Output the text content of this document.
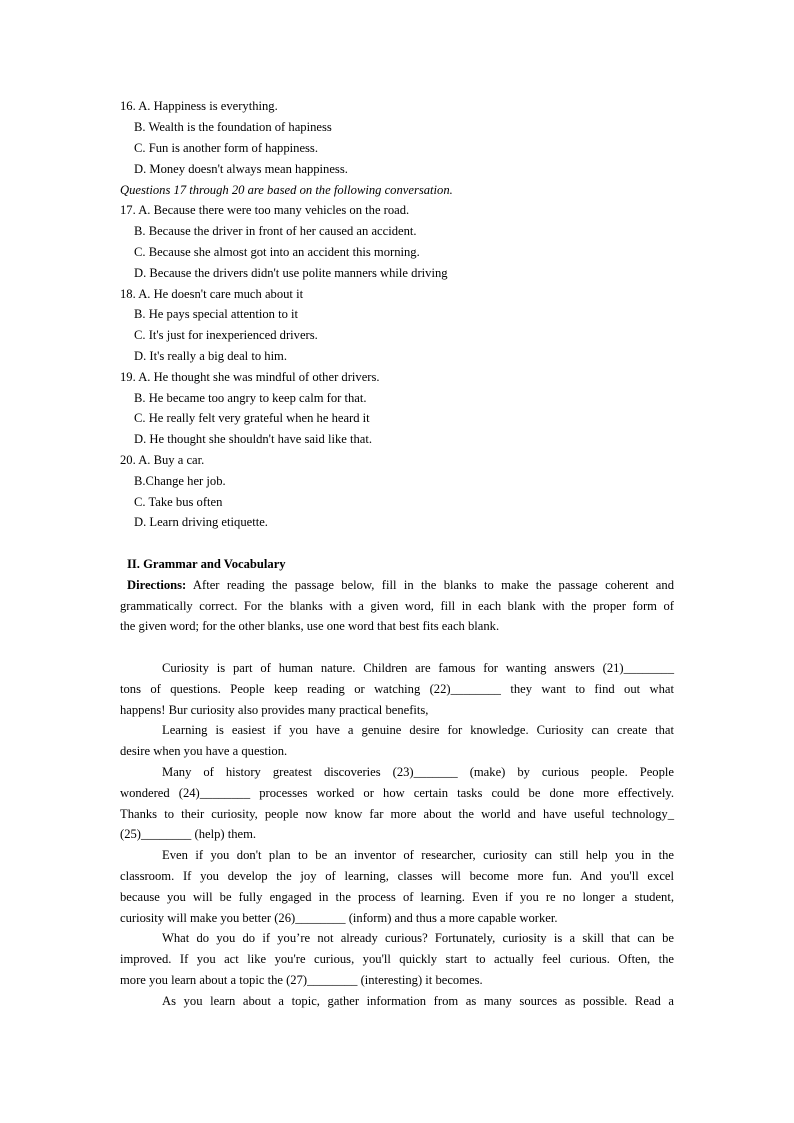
16. A. Happiness is everything.
B. Wealth is the foundation of hapiness
C. Fun is another form of happiness.
D. Money doesn't always mean happiness.
Questions 17 through 20 are based on the following conversation.
17. A. Because there were too many vehicles on the road.
B. Because the driver in front of her caused an accident.
C. Because she almost got into an accident this morning.
D. Because the drivers didn't use polite manners while driving
18. A. He doesn't care much about it
B. He pays special attention to it
C. It's just for inexperienced drivers.
D. It's really a big deal to him.
19. A. He thought she was mindful of other drivers.
B. He became too angry to keep calm for that.
C. He really felt very grateful when he heard it
D. He thought she shouldn't have said like that.
20. A. Buy a car.
B.Change her job.
C. Take bus often
D. Learn driving etiquette.
II. Grammar and Vocabulary
Directions: After reading the passage below, fill in the blanks to make the passage coherent and
grammatically correct. For the blanks with a given word, fill in each blank with the proper form of
the given word; for the other blanks, use one word that best fits each blank.
Curiosity is part of human nature. Children are famous for wanting answers (21)________
tons of questions. People keep reading or watching (22)________ they want to find out what
happens! Bur curiosity also provides many practical benefits,
Learning is easiest if you have a genuine desire for knowledge. Curiosity can create that
desire when you have a question.
Many of history greatest discoveries (23)_______ (make) by curious people. People
wondered (24)________ processes worked or how certain tasks could be done more effectively.
Thanks to their curiosity, people now know far more about the world and have useful technology_
(25)________ (help) them.
Even if you don't plan to be an inventor of researcher, curiosity can still help you in the
classroom. If you develop the joy of learning, classes will become more fun. And you'll excel
because you will be fully engaged in the process of learning. Even if you re no longer a student,
curiosity will make you better (26)________ (inform) and thus a more capable worker.
What do you do if you’re not already curious? Fortunately, curiosity is a skill that can be
improved. If you act like you're curious, you'll quickly start to actually feel curious. Often, the
more you learn about a topic the (27)________ (interesting) it becomes.
As you learn about a topic, gather information from as many sources as possible. Read a
